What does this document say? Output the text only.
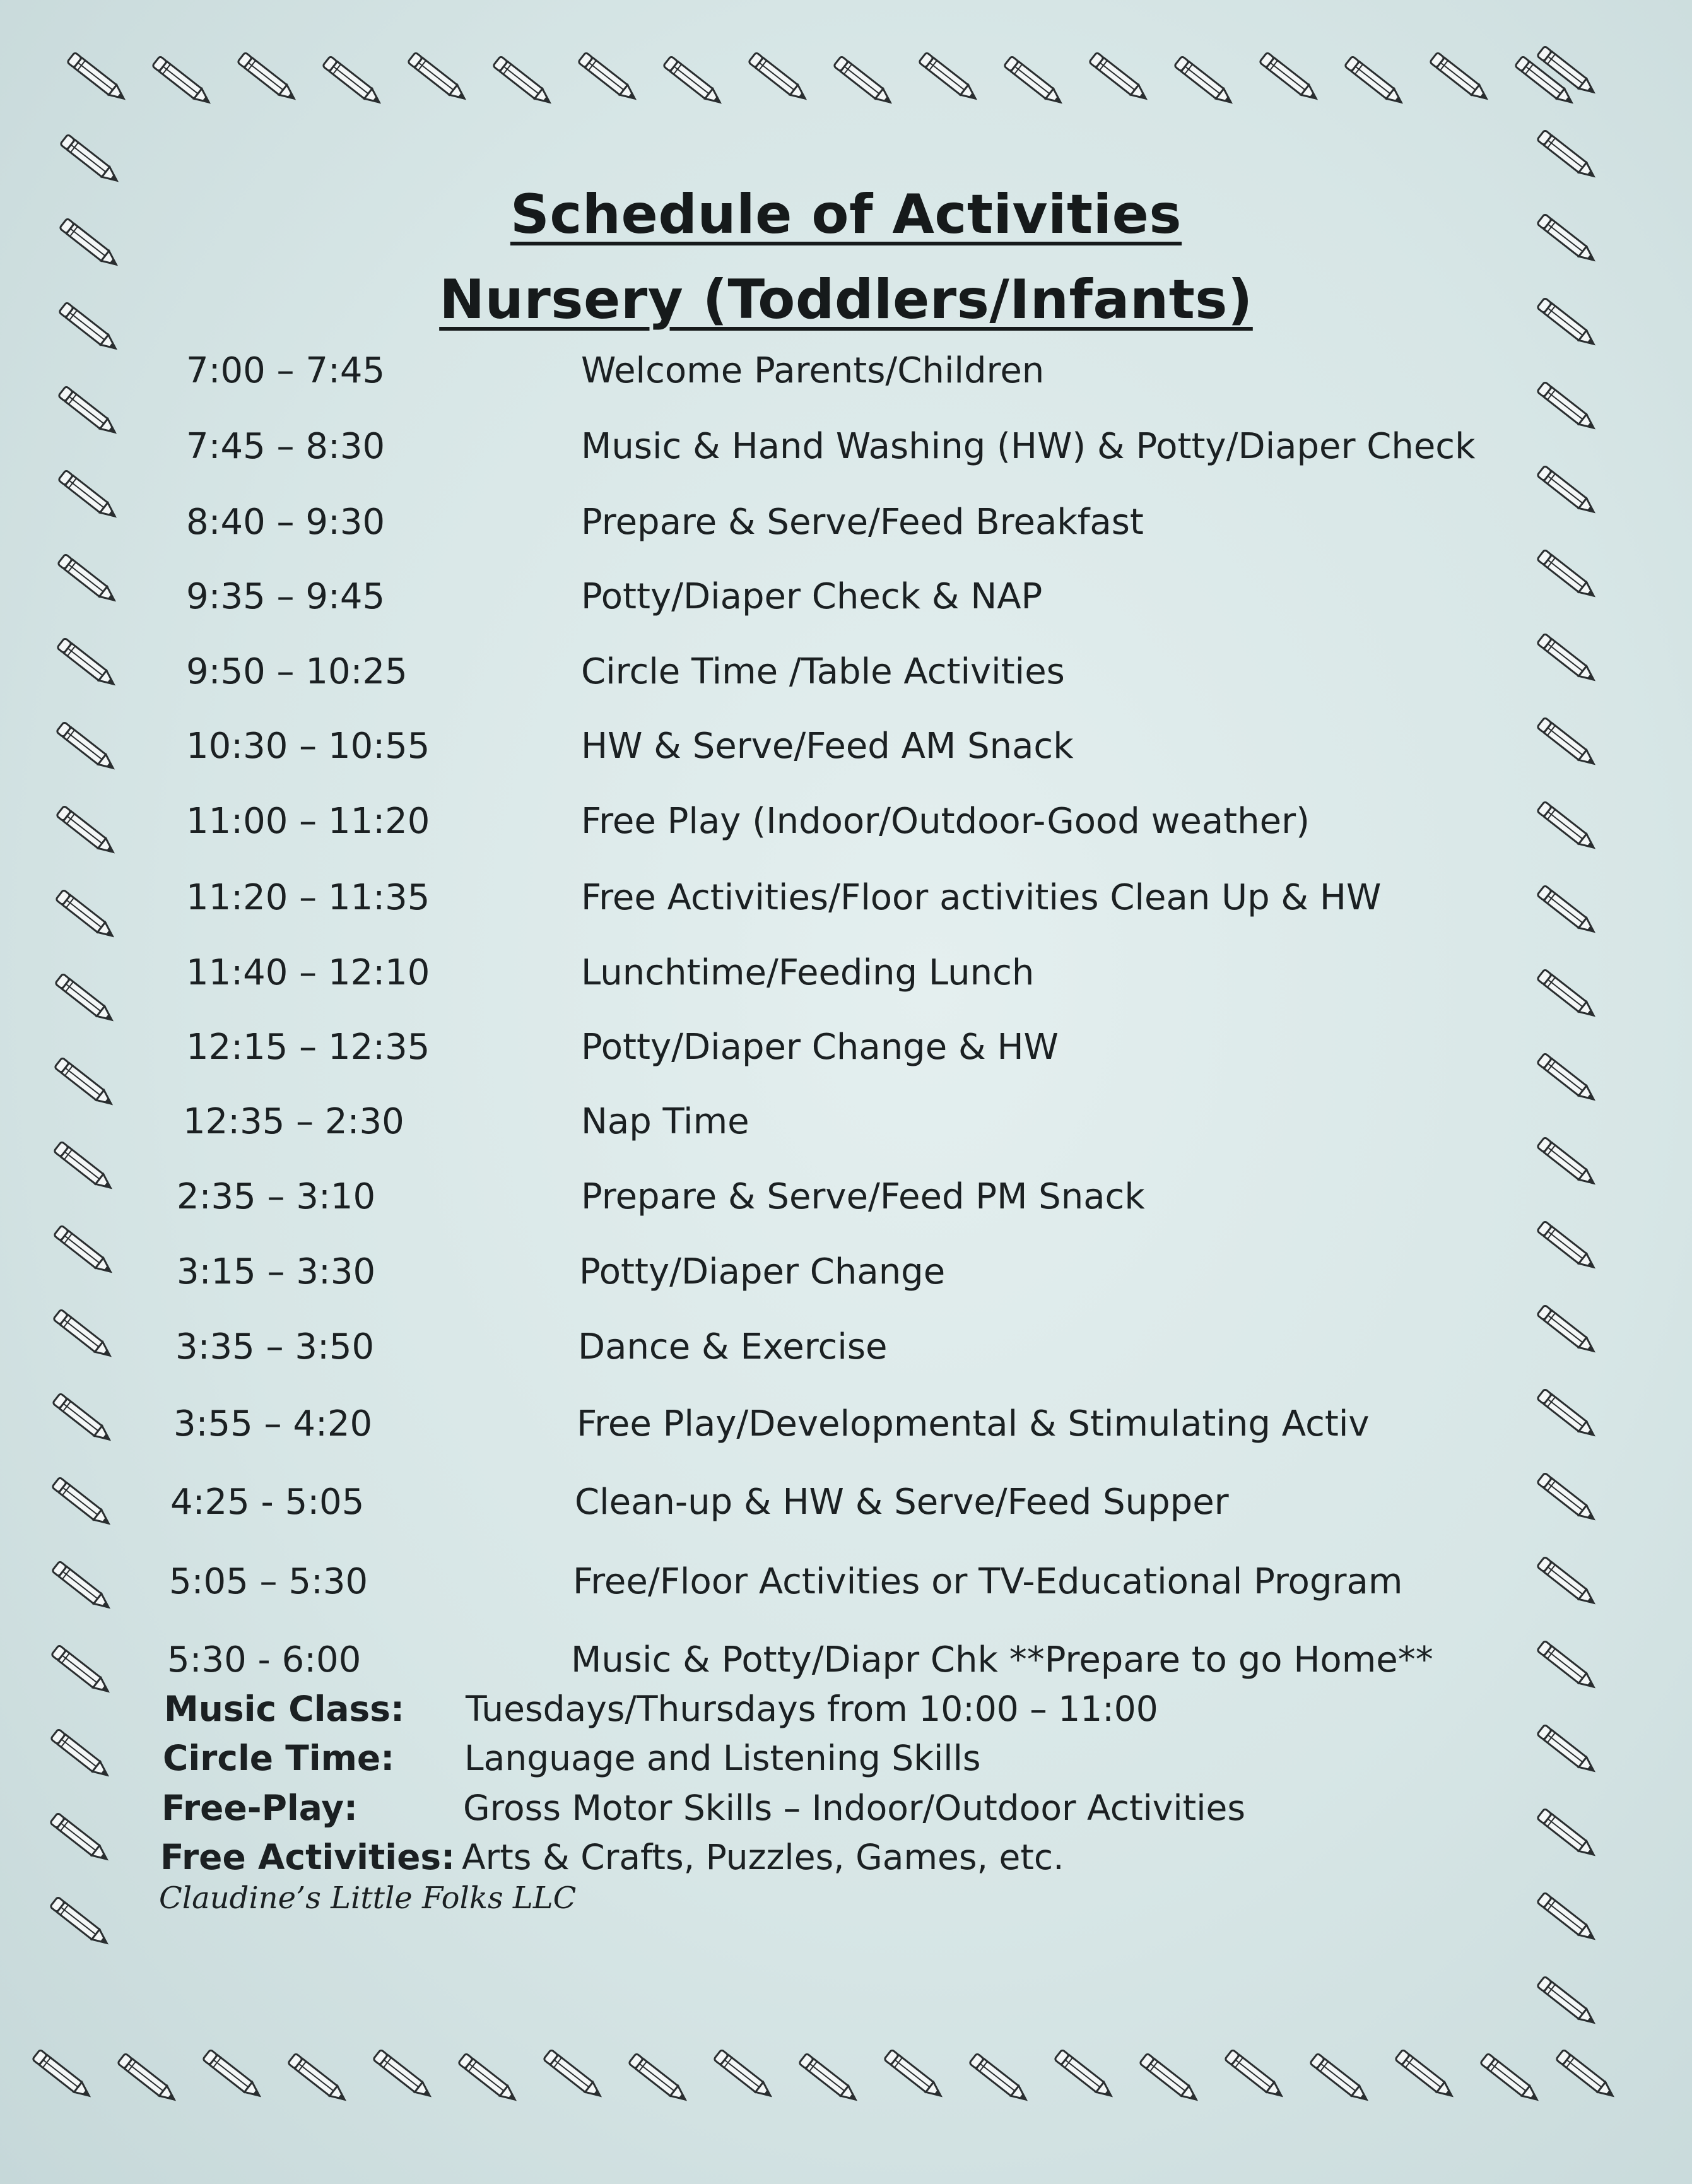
Schedule of Activities
Nursery (Toddlers/Infants)
7:00 – 7:45	Welcome Parents/Children
7:45 – 8:30	Music & Hand Washing (HW) & Potty/Diaper Check
8:40 – 9:30	Prepare & Serve/Feed Breakfast
9:35 – 9:45	Potty/Diaper Check & NAP
9:50 – 10:25	Circle Time /Table Activities
10:30 – 10:55	HW & Serve/Feed AM Snack
11:00 – 11:20	Free Play (Indoor/Outdoor-Good weather)
11:20 – 11:35	Free Activities/Floor activities Clean Up & HW
11:40 – 12:10	Lunchtime/Feeding Lunch
12:15 – 12:35	Potty/Diaper Change & HW
12:35 – 2:30	Nap Time
2:35 – 3:10	Prepare & Serve/Feed PM Snack
3:15 – 3:30	Potty/Diaper Change
3:35 – 3:50	Dance & Exercise
3:55 – 4:20	Free Play/Developmental & Stimulating Activ
4:25 - 5:05	Clean-up & HW & Serve/Feed Supper
5:05 – 5:30	Free/Floor Activities or TV-Educational Program
5:30 - 6:00	Music & Potty/Diapr Chk **Prepare to go Home**
Music Class: Tuesdays/Thursdays from 10:00 – 11:00
Circle Time: Language and Listening Skills
Free-Play:	Gross Motor Skills – Indoor/Outdoor Activities
Free Activities: Arts & Crafts, Puzzles, Games, etc.
Claudine’s Little Folks LLC
